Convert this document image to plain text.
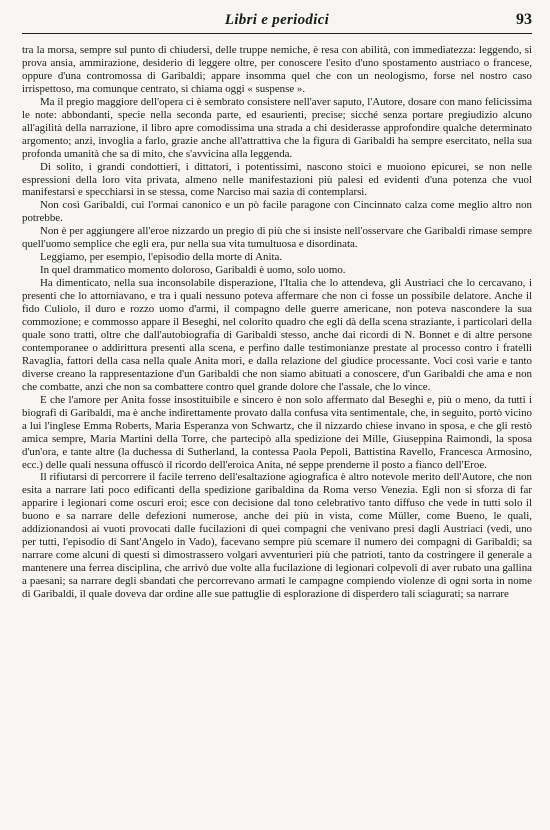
Libri e periodici	93

tra la morsa, sempre sul punto di chiudersi, delle truppe nemiche, è resa con abilità, con immediatezza: leggendo, si prova ansia, ammirazione, desiderio di leggere oltre, per conoscere l'esito d'uno spostamento austriaco o francese, oppure d'una contromossa di Garibaldi; appare insomma quel che con un neologismo, forse nel nostro caso irrispettoso, ma comunque centrato, si chiama oggi « suspense ».

Ma il pregio maggiore dell'opera ci è sembrato consistere nell'aver saputo, l'Autore, dosare con mano felicissima le note: abbondanti, specie nella seconda parte, ed esaurienti, precise; sicché senza portare pregiudizio alcuno all'agilità della narrazione, il libro apre comodissima una strada a chi desiderasse approfondire qualche determinato argomento; anzi, invoglia a farlo, grazie anche all'attrattiva che la figura di Garibaldi ha sempre esercitato, nella sua profonda umanità che sa di mito, che s'avvicina alla leggenda.

Di solito, i grandi condottieri, i dittatori, i potentissimi, nascono stoici e muoiono epicurei, se non nelle espressioni della loro vita privata, almeno nelle manifestazioni più palesi ed evidenti d'una potenza che vuol manifestarsi e specchiarsi in se stessa, come Narciso mai sazia di contemplarsi.

Non così Garibaldi, cui l'ormai canonico e un pò facile paragone con Cincinnato calza come meglio altro non potrebbe.

Non è per aggiungere all'eroe nizzardo un pregio di più che si insiste nell'osservare che Garibaldi rimase sempre quell'uomo semplice che egli era, pur nella sua vita tumultuosa e disordinata.

Leggiamo, per esempio, l'episodio della morte di Anita.

In quel drammatico momento doloroso, Garibaldi è uomo, solo uomo.

Ha dimenticato, nella sua inconsolabile disperazione, l'Italia che lo attendeva, gli Austriaci che lo cercavano, i presenti che lo attorniavano, e tra i quali nessuno poteva affermare che non ci fosse un possibile delatore. Anche il fido Culiolo, il duro e rozzo uomo d'armi, il compagno delle guerre americane, non poteva nascondere la sua commozione; e commosso appare il Beseghi, nel colorito quadro che egli dà della scena straziante, i particolari della quale sono tratti, oltre che dall'autobiografia di Garibaldi stesso, anche dai ricordi di N. Bonnet e di altre persone contemporanee o addirittura presenti alla scena, e perfino dalle testimonianze prestate al processo contro i fratelli Ravaglia, fattori della casa nella quale Anita morì, e dalla relazione del giudice processante. Voci così varie e tanto diverse creano la rappresentazione d'un Garibaldi che non siamo abituati a conoscere, d'un Garibaldi che ama e non che combatte, anzi che non sa combattere contro quel grande dolore che l'assale, che lo vince.

E che l'amore per Anita fosse insostituibile e sincero è non solo affermato dal Beseghi e, più o meno, da tutti i biografi di Garibaldi, ma è anche indirettamente provato dalla confusa vita sentimentale, che, in seguito, portò vicino a lui l'inglese Emma Roberts, Maria Esperanza von Schwartz, che il nizzardo chiese invano in sposa, e che gli restò amica sempre, Maria Martini della Torre, che partecipò alla spedizione dei Mille, Giuseppina Raimondi, la sposa d'un'ora, e tante altre (la duchessa di Sutherland, la contessa Paola Pepoli, Battistina Ravello, Francesca Armosino, ecc.) delle quali nessuna offuscò il ricordo dell'eroica Anita, né seppe prenderne il posto a fianco dell'Eroe.

Il rifiutarsi di percorrere il facile terreno dell'esaltazione agiografica è altro notevole merito dell'Autore, che non esita a narrare lati poco edificanti della spedizione garibaldina da Roma verso Venezia. Egli non si sforza di far apparire i legionari come oscuri eroi; esce con decisione dal tono celebrativo tanto diffuso che vede in tutti solo il buono e sa narrare delle defezioni numerose, anche dei più in vista, come Müller, come Bueno, le quali, addizionandosi ai vuoti provocati dalle fucilazioni di quei compagni che venivano presi dagli Austriaci (vedi, uno per tutti, l'episodio di Sant'Angelo in Vado), facevano sempre più scemare il numero dei compagni di Garibaldi; sa narrare come alcuni di questi si dimostrassero volgari avventurieri più che patrioti, tanto da costringere il generale a mantenere una ferrea disciplina, che arrivò due volte alla fucilazione di legionari colpevoli di aver rubato una gallina a paesani; sa narrare degli sbandati che percorrevano armati le campagne compiendo violenze di ogni sorta in nome di Garibaldi, il quale doveva dar ordine alle sue pattuglie di esplorazione di disperdero tali sciagurati; sa narrare
